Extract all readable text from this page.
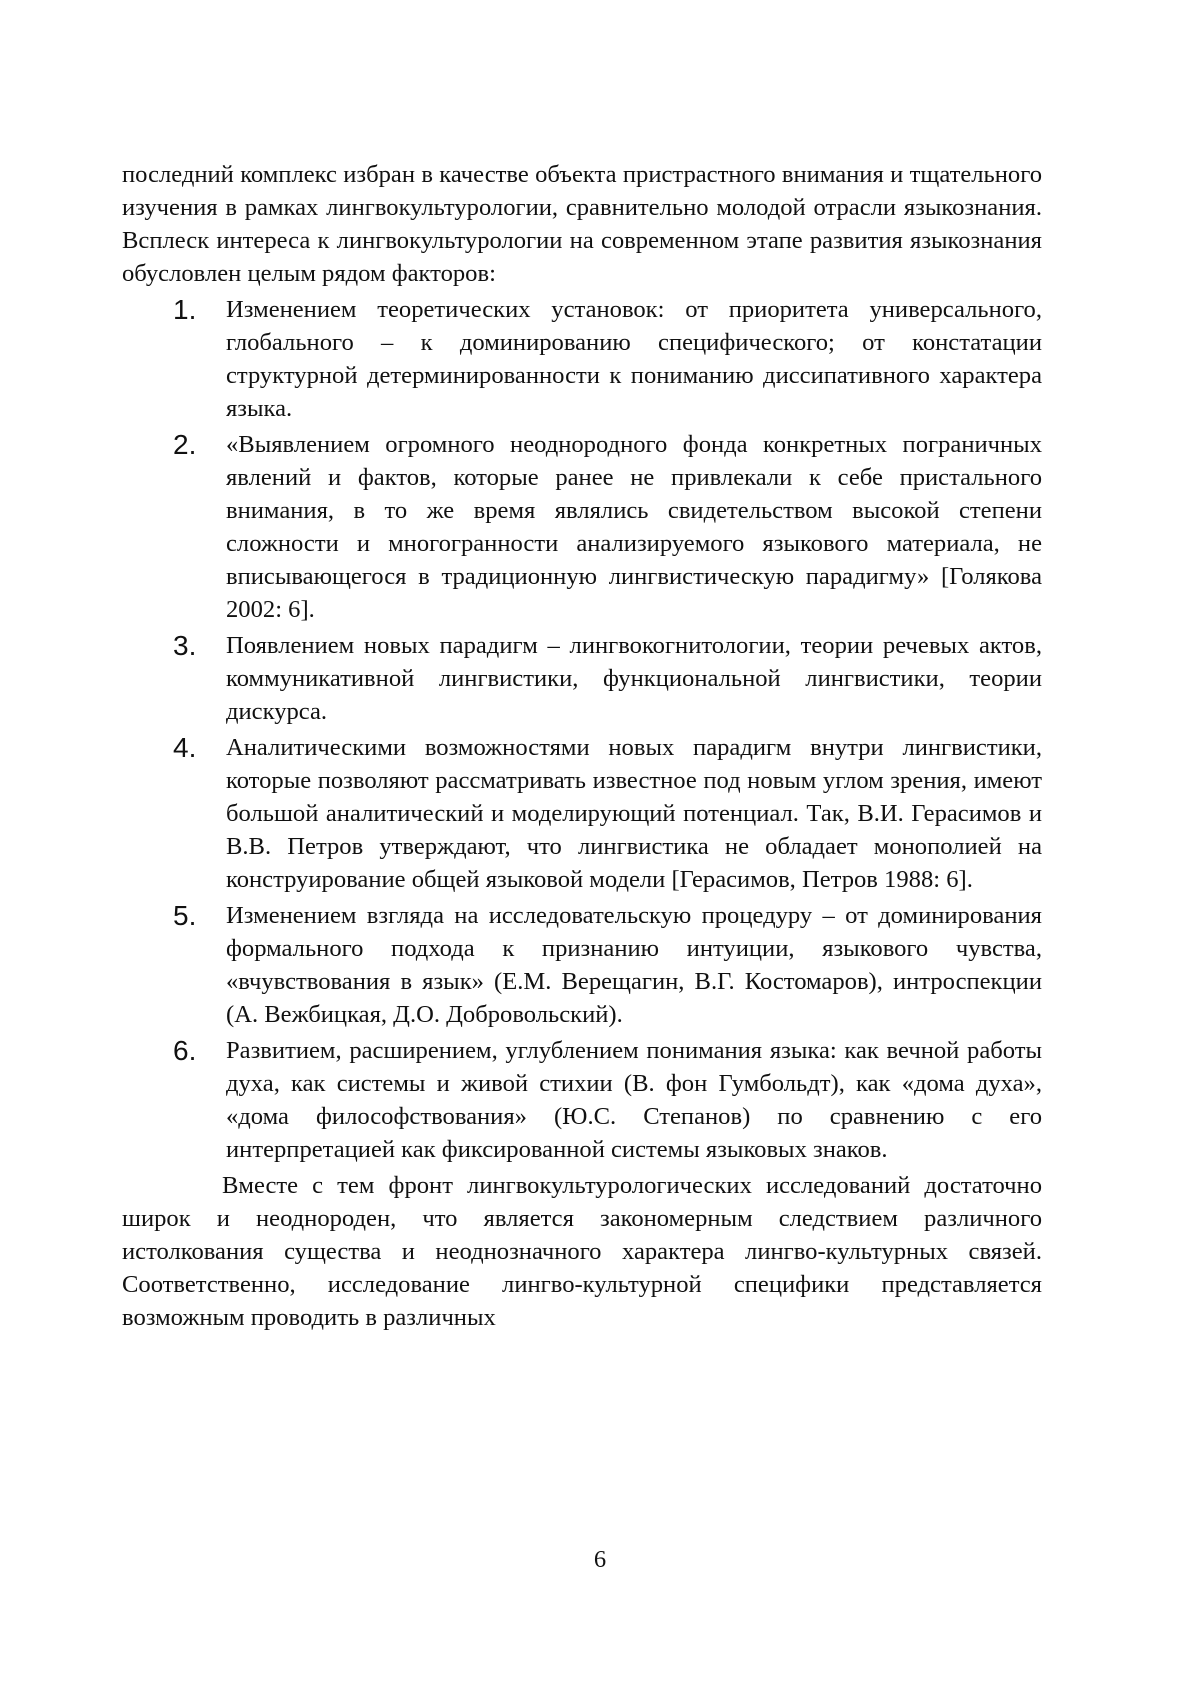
последний комплекс избран в качестве объекта пристрастного внимания и тщательного изучения в рамках лингвокультурологии, сравнительно молодой отрасли языкознания. Всплеск интереса к лингвокультурологии на современном этапе развития языкознания обусловлен целым рядом факторов:

1. Изменением теоретических установок: от приоритета универсального, глобального – к доминированию специфического; от констатации структурной детерминированности к пониманию диссипативного характера языка.
2. «Выявлением огромного неоднородного фонда конкретных пограничных явлений и фактов, которые ранее не привлекали к себе пристального внимания, в то же время являлись свидетельством высокой степени сложности и многогранности анализируемого языкового материала, не вписывающегося в традиционную лингвистическую парадигму» [Голякова 2002: 6].
3. Появлением новых парадигм – лингвокогнитологии, теории речевых актов, коммуникативной лингвистики, функциональной лингвистики, теории дискурса.
4. Аналитическими возможностями новых парадигм внутри лингвистики, которые позволяют рассматривать известное под новым углом зрения, имеют большой аналитический и моделирующий потенциал. Так, В.И. Герасимов и В.В. Петров утверждают, что лингвистика не обладает монополией на конструирование общей языковой модели [Герасимов, Петров 1988: 6].
5. Изменением взгляда на исследовательскую процедуру – от доминирования формального подхода к признанию интуиции, языкового чувства, «вчувствования в язык» (Е.М. Верещагин, В.Г. Костомаров), интроспекции (А. Вежбицкая, Д.О. Добровольский).
6. Развитием, расширением, углублением понимания языка: как вечной работы духа, как системы и живой стихии (В. фон Гумбольдт), как «дома духа», «дома философствования» (Ю.С. Степанов) по сравнению с его интерпретацией как фиксированной системы языковых знаков.

Вместе с тем фронт лингвокультурологических исследований достаточно широк и неоднороден, что является закономерным следствием различного истолкования существа и неоднозначного характера лингво-культурных связей. Соответственно, исследование лингво-культурной специфики представляется возможным проводить в различных

6
